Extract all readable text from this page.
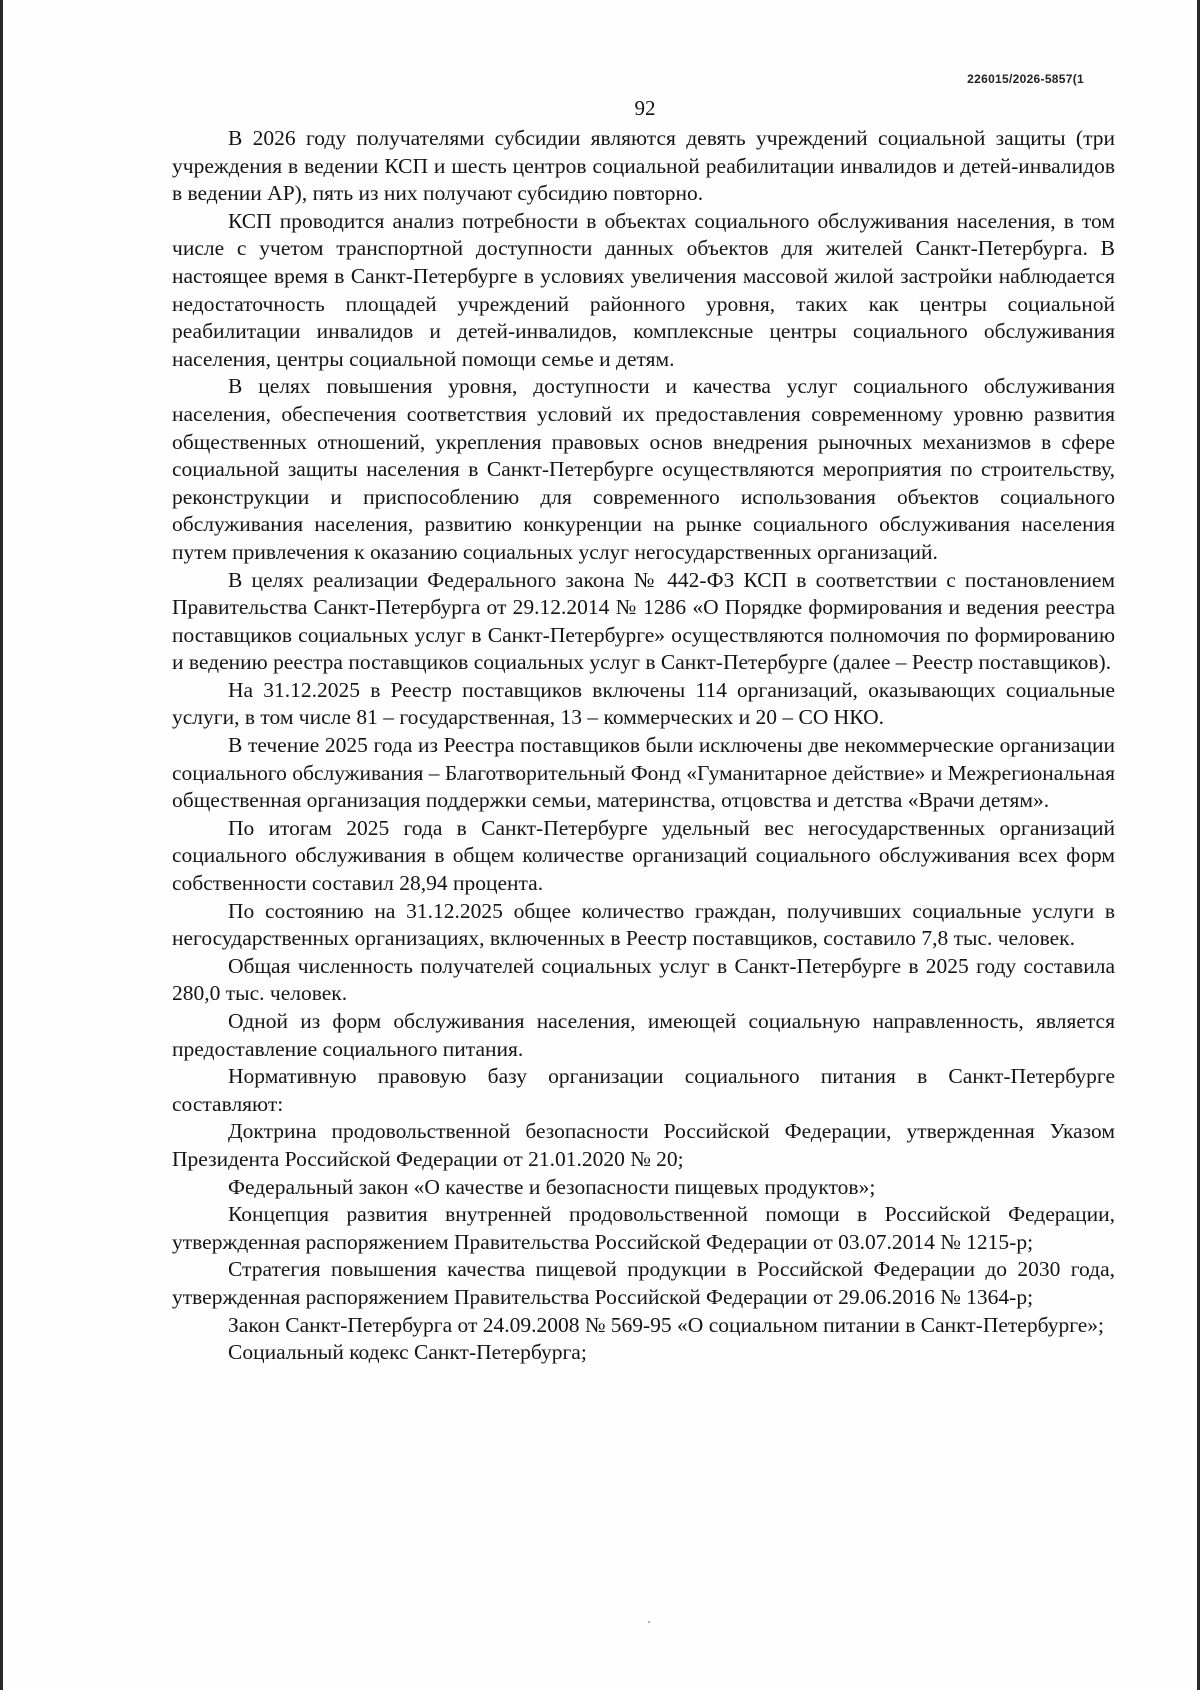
226015/2026-5857(1
92

В 2026 году получателями субсидии являются девять учреждений социальной защиты (три учреждения в ведении КСП и шесть центров социальной реабилитации инвалидов и детей-инвалидов в ведении АР), пять из них получают субсидию повторно.

КСП проводится анализ потребности в объектах социального обслуживания населения, в том числе с учетом транспортной доступности данных объектов для жителей Санкт-Петербурга. В настоящее время в Санкт-Петербурге в условиях увеличения массовой жилой застройки наблюдается недостаточность площадей учреждений районного уровня, таких как центры социальной реабилитации инвалидов и детей-инвалидов, комплексные центры социального обслуживания населения, центры социальной помощи семье и детям.

В целях повышения уровня, доступности и качества услуг социального обслуживания населения, обеспечения соответствия условий их предоставления современному уровню развития общественных отношений, укрепления правовых основ внедрения рыночных механизмов в сфере социальной защиты населения в Санкт-Петербурге осуществляются мероприятия по строительству, реконструкции и приспособлению для современного использования объектов социального обслуживания населения, развитию конкуренции на рынке социального обслуживания населения путем привлечения к оказанию социальных услуг негосударственных организаций.

В целях реализации Федерального закона № 442-ФЗ КСП в соответствии с постановлением Правительства Санкт-Петербурга от 29.12.2014 № 1286 «О Порядке формирования и ведения реестра поставщиков социальных услуг в Санкт-Петербурге» осуществляются полномочия по формированию и ведению реестра поставщиков социальных услуг в Санкт-Петербурге (далее – Реестр поставщиков).

На 31.12.2025 в Реестр поставщиков включены 114 организаций, оказывающих социальные услуги, в том числе 81 – государственная, 13 – коммерческих и 20 – СО НКО.

В течение 2025 года из Реестра поставщиков были исключены две некоммерческие организации социального обслуживания – Благотворительный Фонд «Гуманитарное действие» и Межрегиональная общественная организация поддержки семьи, материнства, отцовства и детства «Врачи детям».

По итогам 2025 года в Санкт-Петербурге удельный вес негосударственных организаций социального обслуживания в общем количестве организаций социального обслуживания всех форм собственности составил 28,94 процента.

По состоянию на 31.12.2025 общее количество граждан, получивших социальные услуги в негосударственных организациях, включенных в Реестр поставщиков, составило 7,8 тыс. человек.

Общая численность получателей социальных услуг в Санкт-Петербурге в 2025 году составила 280,0 тыс. человек.

Одной из форм обслуживания населения, имеющей социальную направленность, является предоставление социального питания.

Нормативную правовую базу организации социального питания в Санкт-Петербурге составляют:

Доктрина продовольственной безопасности Российской Федерации, утвержденная Указом Президента Российской Федерации от 21.01.2020 № 20;

Федеральный закон «О качестве и безопасности пищевых продуктов»;

Концепция развития внутренней продовольственной помощи в Российской Федерации, утвержденная распоряжением Правительства Российской Федерации от 03.07.2014 № 1215-р;

Стратегия повышения качества пищевой продукции в Российской Федерации до 2030 года, утвержденная распоряжением Правительства Российской Федерации от 29.06.2016 № 1364-р;

Закон Санкт-Петербурга от 24.09.2008 № 569-95 «О социальном питании в Санкт-Петербурге»;

Социальный кодекс Санкт-Петербурга;
